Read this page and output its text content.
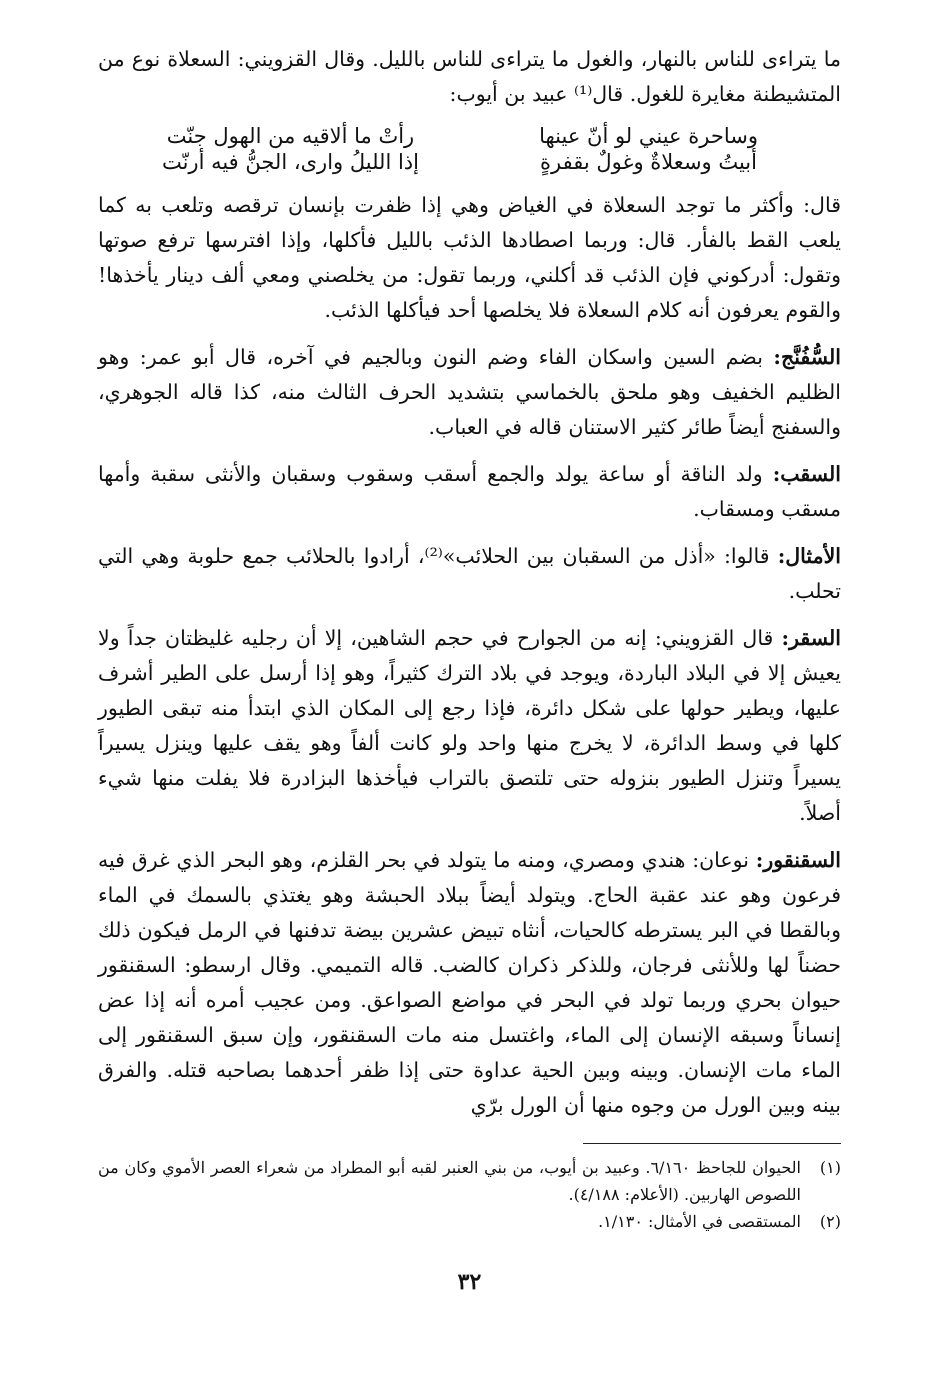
ما يتراءى للناس بالنهار، والغول ما يتراءى للناس بالليل. وقال القزويني: السعلاة نوع من المتشيطنة مغايرة للغول. قال⁽¹⁾ عبيد بن أيوب:

وساحرة عيني لو أنّ عينها
رأتْ ما ألاقيه من الهول جنّت
أبيتُ وسعلاةٌ وغولٌ بقفرةٍ
إذا الليلُ وارى، الجنُّ فيه أرنّت

قال: وأكثر ما توجد السعلاة في الغياض وهي إذا ظفرت بإنسان ترقصه وتلعب به كما يلعب القط بالفأر. قال: وربما اصطادها الذئب بالليل فأكلها، وإذا افترسها ترفع صوتها وتقول: أدركوني فإن الذئب قد أكلني، وربما تقول: من يخلصني ومعي ألف دينار يأخذها! والقوم يعرفون أنه كلام السعلاة فلا يخلصها أحد فيأكلها الذئب.

السُّفُنَّج: بضم السين واسكان الفاء وضم النون وبالجيم في آخره، قال أبو عمر: وهو الظليم الخفيف وهو ملحق بالخماسي بتشديد الحرف الثالث منه، كذا قاله الجوهري، والسفنج أيضاً طائر كثير الاستنان قاله في العباب.

السقب: ولد الناقة أو ساعة يولد والجمع أسقب وسقوب وسقبان والأنثى سقبة وأمها مسقب ومسقاب.

الأمثال: قالوا: «أذل من السقبان بين الحلائب»⁽²⁾، أرادوا بالحلائب جمع حلوبة وهي التي تحلب.

السقر: قال القزويني: إنه من الجوارح في حجم الشاهين، إلا أن رجليه غليظتان جداً ولا يعيش إلا في البلاد الباردة، ويوجد في بلاد الترك كثيراً، وهو إذا أرسل على الطير أشرف عليها، ويطير حولها على شكل دائرة، فإذا رجع إلى المكان الذي ابتدأ منه تبقى الطيور كلها في وسط الدائرة، لا يخرج منها واحد ولو كانت ألفاً وهو يقف عليها وينزل يسيراً يسيراً وتنزل الطيور بنزوله حتى تلتصق بالتراب فيأخذها البزادرة فلا يفلت منها شيء أصلاً.

السقنقور: نوعان: هندي ومصري، ومنه ما يتولد في بحر القلزم، وهو البحر الذي غرق فيه فرعون وهو عند عقبة الحاج. ويتولد أيضاً ببلاد الحبشة وهو يغتذي بالسمك في الماء وبالقطا في البر يسترطه كالحيات، أنثاه تبيض عشرين بيضة تدفنها في الرمل فيكون ذلك حضناً لها وللأنثى فرجان، وللذكر ذكران كالضب. قاله التميمي. وقال ارسطو: السقنقور حيوان بحري وربما تولد في البحر في مواضع الصواعق. ومن عجيب أمره أنه إذا عض إنساناً وسبقه الإنسان إلى الماء، واغتسل منه مات السقنقور، وإن سبق السقنقور إلى الماء مات الإنسان. وبينه وبين الحية عداوة حتى إذا ظفر أحدهما بصاحبه قتله. والفرق بينه وبين الورل من وجوه منها أن الورل برّي

(١)
الحيوان للجاحظ ٦/١٦٠. وعبيد بن أيوب، من بني العنبر لقبه أبو المطراد من شعراء العصر الأموي وكان من اللصوص الهاربين. (الأعلام: ٤/١٨٨).
(٢)
المستقصى في الأمثال: ١/١٣٠.
٣٢
